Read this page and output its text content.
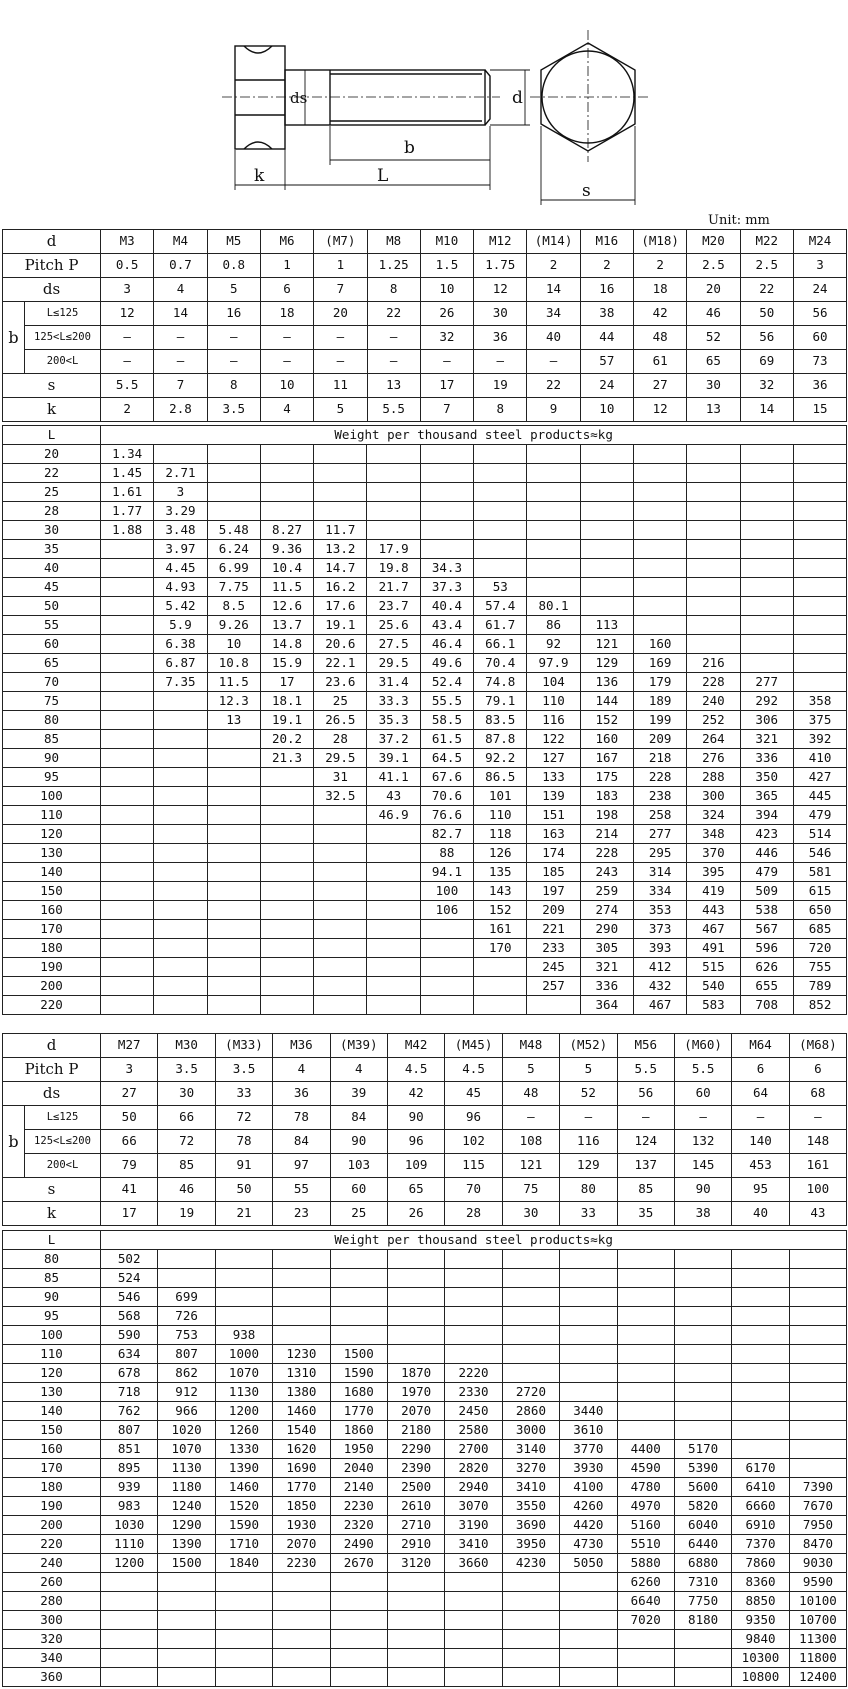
ds	d
b
k	L
s
Unit: mm
d		M3	M4	M5	M6	(M7)	M8	M10	M12	(M14)	M16	(M18)	M20	M22	M24
Pitch P		0.5	0.7	0.8	1	1	1.25	1.5	1.75	2	2	2	2.5	2.5	3
ds		3	4	5	6	7	8	10	12	14	16	18	20	22	24
b	L≤125	12	14	16	18	20	22	26	30	34	38	42	46	50	56
	125<L≤200	—	—	—	—	—	—	32	36	40	44	48	52	56	60
	200<L	—	—	—	—	—	—	—	—	—	57	61	65	69	73
s		5.5	7	8	10	11	13	17	19	22	24	27	30	32	36
k		2	2.8	3.5	4	5	5.5	7	8	9	10	12	13	14	15
L	Weight per thousand steel products≈kg													
20	1.34													
22	1.45	2.71												
25	1.61	3												
28	1.77	3.29												
30	1.88	3.48	5.48	8.27	11.7									
35		3.97	6.24	9.36	13.2	17.9								
40		4.45	6.99	10.4	14.7	19.8	34.3							
45		4.93	7.75	11.5	16.2	21.7	37.3	53						
50		5.42	8.5	12.6	17.6	23.7	40.4	57.4	80.1					
55		5.9	9.26	13.7	19.1	25.6	43.4	61.7	86	113				
60		6.38	10	14.8	20.6	27.5	46.4	66.1	92	121	160			
65		6.87	10.8	15.9	22.1	29.5	49.6	70.4	97.9	129	169	216		
70		7.35	11.5	17	23.6	31.4	52.4	74.8	104	136	179	228	277	
75			12.3	18.1	25	33.3	55.5	79.1	110	144	189	240	292	358
80			13	19.1	26.5	35.3	58.5	83.5	116	152	199	252	306	375
85				20.2	28	37.2	61.5	87.8	122	160	209	264	321	392
90				21.3	29.5	39.1	64.5	92.2	127	167	218	276	336	410
95					31	41.1	67.6	86.5	133	175	228	288	350	427
100					32.5	43	70.6	101	139	183	238	300	365	445
110						46.9	76.6	110	151	198	258	324	394	479
120							82.7	118	163	214	277	348	423	514
130							88	126	174	228	295	370	446	546
140							94.1	135	185	243	314	395	479	581
150							100	143	197	259	334	419	509	615
160							106	152	209	274	353	443	538	650
170								161	221	290	373	467	567	685
180								170	233	305	393	491	596	720
190									245	321	412	515	626	755
200									257	336	432	540	655	789
220										364	467	583	708	852
d		M27	M30	(M33)	M36	(M39)	M42	(M45)	M48	(M52)	M56	(M60)	M64	(M68)
Pitch P		3	3.5	3.5	4	4	4.5	4.5	5	5	5.5	5.5	6	6
ds		27	30	33	36	39	42	45	48	52	56	60	64	68
b	L≤125	50	66	72	78	84	90	96	—	—	—	—	—	—
	125<L≤200	66	72	78	84	90	96	102	108	116	124	132	140	148
	200<L	79	85	91	97	103	109	115	121	129	137	145	453	161
s		41	46	50	55	60	65	70	75	80	85	90	95	100
k		17	19	21	23	25	26	28	30	33	35	38	40	43
L	Weight per thousand steel products≈kg												
80	502												
85	524												
90	546	699											
95	568	726											
100	590	753	938										
110	634	807	1000	1230	1500								
120	678	862	1070	1310	1590	1870	2220						
130	718	912	1130	1380	1680	1970	2330	2720					
140	762	966	1200	1460	1770	2070	2450	2860	3440				
150	807	1020	1260	1540	1860	2180	2580	3000	3610				
160	851	1070	1330	1620	1950	2290	2700	3140	3770	4400	5170		
170	895	1130	1390	1690	2040	2390	2820	3270	3930	4590	5390	6170	
180	939	1180	1460	1770	2140	2500	2940	3410	4100	4780	5600	6410	7390
190	983	1240	1520	1850	2230	2610	3070	3550	4260	4970	5820	6660	7670
200	1030	1290	1590	1930	2320	2710	3190	3690	4420	5160	6040	6910	7950
220	1110	1390	1710	2070	2490	2910	3410	3950	4730	5510	6440	7370	8470
240	1200	1500	1840	2230	2670	3120	3660	4230	5050	5880	6880	7860	9030
260										6260	7310	8360	9590
280										6640	7750	8850	10100
300										7020	8180	9350	10700
320												9840	11300
340												10300	11800
360												10800	12400
